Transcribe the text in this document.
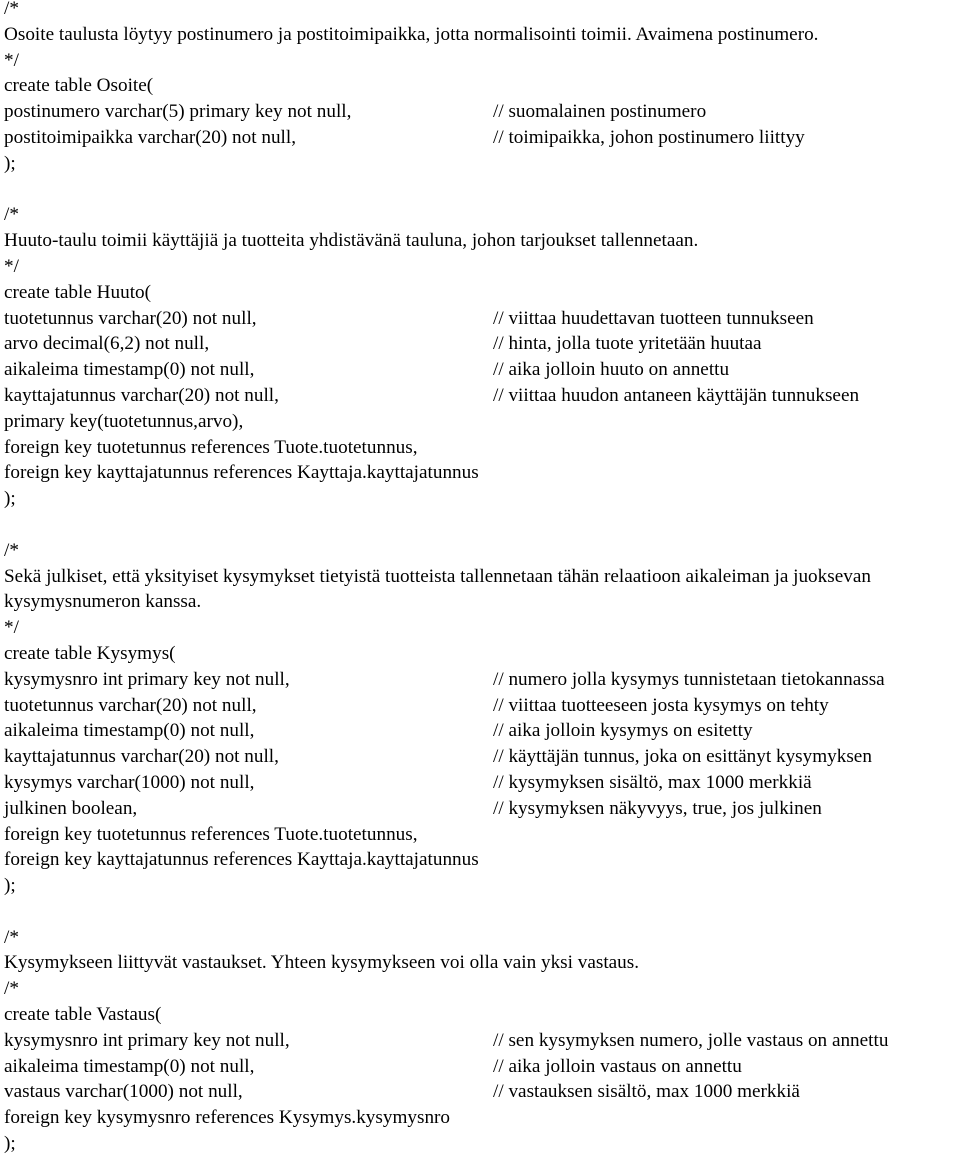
/*
Osoite taulusta löytyy postinumero ja postitoimipaikka, jotta normalisointi toimii. Avaimena postinumero.
*/
create table Osoite(
postinumero varchar(5) primary key not null,	// suomalainen postinumero
postitoimipaikka varchar(20) not null,	// toimipaikka, johon postinumero liittyy
);
/*
Huuto-taulu toimii käyttäjiä ja tuotteita yhdistävänä tauluna, johon tarjoukset tallennetaan.
*/
create table Huuto(
tuotetunnus varchar(20) not null,	// viittaa huudettavan tuotteen tunnukseen
arvo decimal(6,2) not null,	// hinta, jolla tuote yritetään huutaa
aikaleima timestamp(0) not null,	// aika jolloin huuto on annettu
kayttajatunnus varchar(20) not null,	// viittaa huudon antaneen käyttäjän tunnukseen
primary key(tuotetunnus,arvo),
foreign key tuotetunnus references Tuote.tuotetunnus,
foreign key kayttajatunnus references Kayttaja.kayttajatunnus
);
/*
Sekä julkiset, että yksityiset kysymykset tietyistä tuotteista tallennetaan tähän relaatioon aikaleiman ja juoksevan kysymysnumeron kanssa.
*/
create table Kysymys(
kysymysnro int primary key not null,	// numero jolla kysymys tunnistetaan tietokannassa
tuotetunnus varchar(20) not null,	// viittaa tuotteeseen josta kysymys on tehty
aikaleima timestamp(0) not null,	// aika jolloin kysymys on esitetty
kayttajatunnus varchar(20) not null,	// käyttäjän tunnus, joka on esittänyt kysymyksen
kysymys varchar(1000) not null,	// kysymyksen sisältö, max 1000 merkkiä
julkinen boolean,	// kysymyksen näkyvyys, true, jos julkinen
foreign key tuotetunnus references Tuote.tuotetunnus,
foreign key kayttajatunnus references Kayttaja.kayttajatunnus
);
/*
Kysymykseen liittyvät vastaukset. Yhteen kysymykseen voi olla vain yksi vastaus.
/*
create table Vastaus(
kysymysnro int primary key not null,	// sen kysymyksen numero, jolle vastaus on annettu
aikaleima timestamp(0) not null,	// aika jolloin vastaus on annettu
vastaus varchar(1000) not null,	// vastauksen sisältö, max 1000 merkkiä
foreign key kysymysnro references Kysymys.kysymysnro
);
